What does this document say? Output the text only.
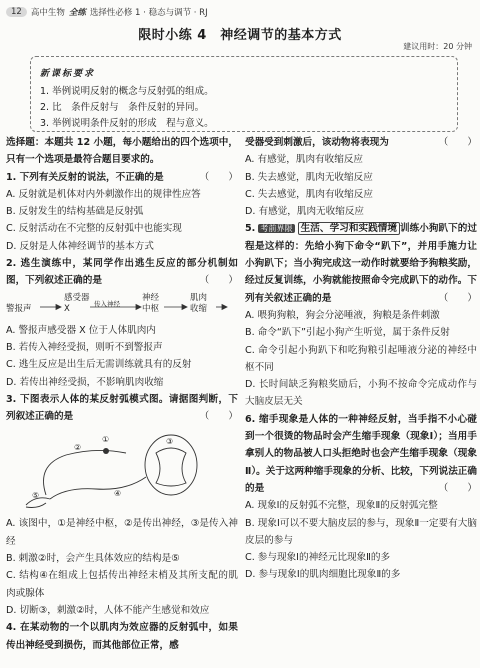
12	高中生物 全练 选择性必修 1 · 稳态与调节 · RJ
限时小练 4　神经调节的基本方式
建议用时：20 分钟
新课标要求
1. 举例说明反射的概念与反射弧的组成。
2. 比　条件反射与　条件反射的异同。
3. 举例说明条件反射的形成　程与意义。

选择题：本题共 12 小题，每小题给出的四个选项中，只有一个选项是最符合题目要求的。

1. 下列有关反射的说法，不正确的是	（　　）

A. 反射就是机体对内外刺激作出的规律性应答

B. 反射发生的结构基础是反射弧

C. 反射活动在不完整的反射弧中也能实现

D. 反射是人体神经调节的基本方式

2. 逃生演练中，某同学作出逃生反应的部分机制如图，下列叙述正确的是	（　　）

警报声
感受器 X	传入神经
神经中枢
肌肉收缩

A. 警报声感受器 X 位于人体肌肉内

B. 若传入神经受损，则听不到警报声

C. 逃生反应是出生后无需训练就具有的反射

D. 若传出神经受损，不影响肌肉收缩

3. 下图表示人体的某反射弧模式图。请据图判断，下列叙述正确的是	（　　）

①
②
③
④
⑤

A. 该图中，①是神经中枢，②是传出神经，③是传入神经

B. 刺激②时，会产生具体效应的结构是⑤

C. 结构④在组成上包括传出神经末梢及其所支配的肌肉或腺体

D. 切断③，刺激②时，人体不能产生感觉和效应

4. 在某动物的一个以肌肉为效应器的反射弧中，如果传出神经受到损伤，而其他部位正常，感

受器受到刺激后，该动物将表现为	（　　）

A. 有感觉，肌肉有收缩反应

B. 失去感觉，肌肉无收缩反应

C. 失去感觉，肌肉有收缩反应

D. 有感觉，肌肉无收缩反应

5. 考前界限 生活、学习和实践情境 训练小狗趴下的过程是这样的：先给小狗下命令“趴下”，并用手施力让小狗趴下；当小狗完成这一动作时就要给予狗粮奖励，经过反复训练，小狗就能按照命令完成趴下的动作。下列有关叙述正确的是	（　　）

A. 喂狗狗粮，狗会分泌唾液，狗粮是条件刺激

B. 命令“趴下”引起小狗产生听觉，属于条件反射

C. 命令引起小狗趴下和吃狗粮引起唾液分泌的神经中枢不同

D. 长时间缺乏狗粮奖励后，小狗不按命令完成动作与大脑皮层无关

6. 缩手现象是人体的一种神经反射，当手指不小心碰到一个很烫的物品时会产生缩手现象（现象Ⅰ）；当用手拿别人的物品被人口头拒绝时也会产生缩手现象（现象Ⅱ）。关于这两种缩手现象的分析、比较，下列说法正确的是	（　　）

A. 现象Ⅰ的反射弧不完整，现象Ⅱ的反射弧完整

B. 现象Ⅰ可以不要大脑皮层的参与，现象Ⅱ一定要有大脑皮层的参与

C. 参与现象Ⅰ的神经元比现象Ⅱ的多

D. 参与现象Ⅰ的肌肉细胞比现象Ⅱ的多
